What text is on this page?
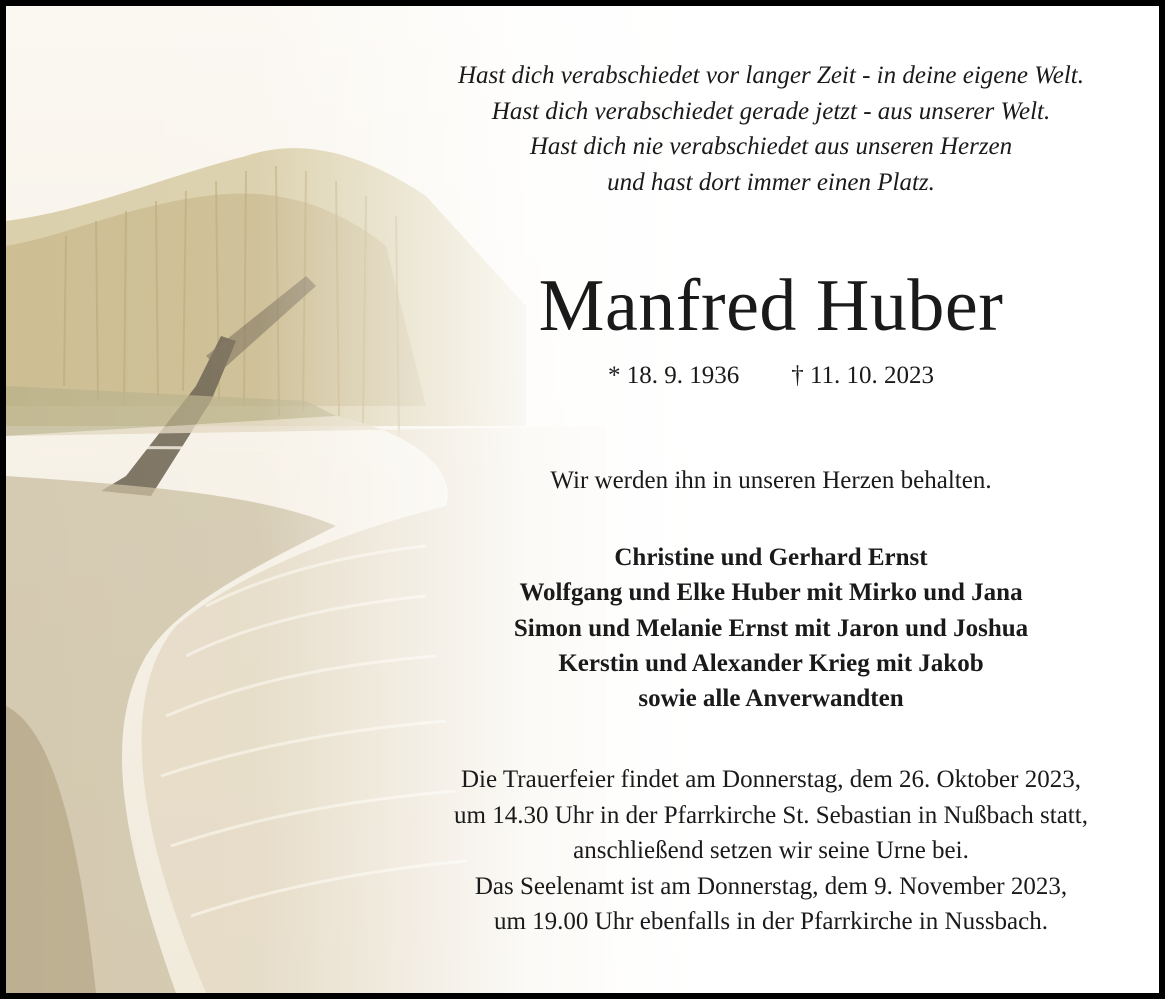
Hast dich verabschiedet vor langer Zeit - in deine eigene Welt.
Hast dich verabschiedet gerade jetzt - aus unserer Welt.
Hast dich nie verabschiedet aus unseren Herzen
und hast dort immer einen Platz.
Manfred Huber
* 18. 9. 1936 † 11. 10. 2023
Wir werden ihn in unseren Herzen behalten.
Christine und Gerhard Ernst
Wolfgang und Elke Huber mit Mirko und Jana
Simon und Melanie Ernst mit Jaron und Joshua
Kerstin und Alexander Krieg mit Jakob
sowie alle Anverwandten
Die Trauerfeier findet am Donnerstag, dem 26. Oktober 2023,
um 14.30 Uhr in der Pfarrkirche St. Sebastian in Nußbach statt,
anschließend setzen wir seine Urne bei.
Das Seelenamt ist am Donnerstag, dem 9. November 2023,
um 19.00 Uhr ebenfalls in der Pfarrkirche in Nussbach.
